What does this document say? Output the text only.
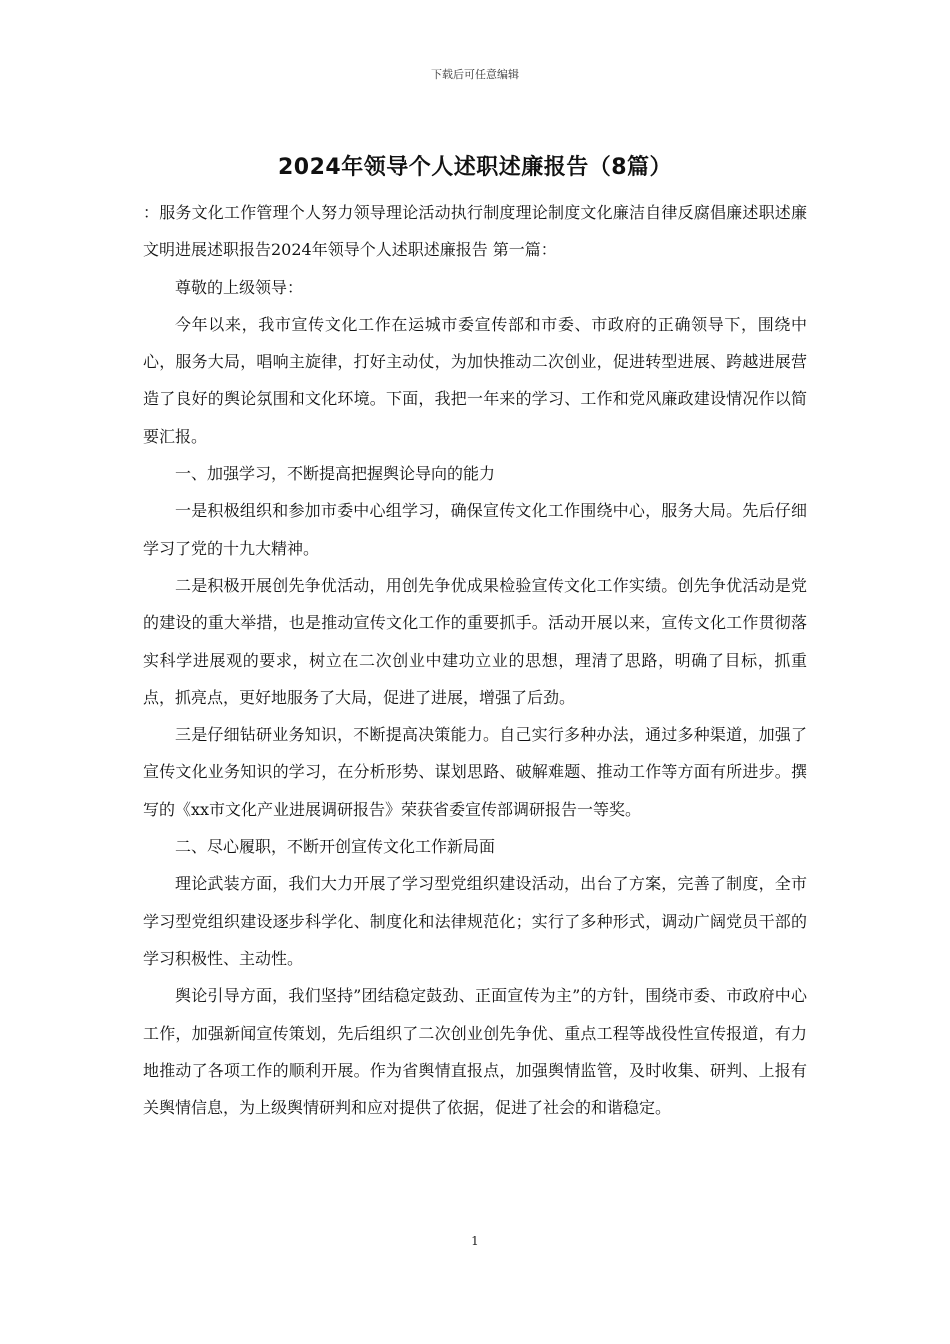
下载后可任意编辑
2024年领导个人述职述廉报告（8篇）

：服务文化工作管理个人努力领导理论活动执行制度理论制度文化廉洁自律反腐倡廉述职述廉文明进展述职报告2024年领导个人述职述廉报告 第一篇：

尊敬的上级领导：

今年以来，我市宣传文化工作在运城市委宣传部和市委、市政府的正确领导下，围绕中心，服务大局，唱响主旋律，打好主动仗，为加快推动二次创业，促进转型进展、跨越进展营造了良好的舆论氛围和文化环境。下面，我把一年来的学习、工作和党风廉政建设情况作以简要汇报。

一、加强学习，不断提高把握舆论导向的能力

一是积极组织和参加市委中心组学习，确保宣传文化工作围绕中心，服务大局。先后仔细学习了党的十九大精神。

二是积极开展创先争优活动，用创先争优成果检验宣传文化工作实绩。创先争优活动是党的建设的重大举措，也是推动宣传文化工作的重要抓手。活动开展以来，宣传文化工作贯彻落实科学进展观的要求，树立在二次创业中建功立业的思想，理清了思路，明确了目标，抓重点，抓亮点，更好地服务了大局，促进了进展，增强了后劲。

三是仔细钻研业务知识，不断提高决策能力。自己实行多种办法，通过多种渠道，加强了宣传文化业务知识的学习，在分析形势、谋划思路、破解难题、推动工作等方面有所进步。撰写的《xx市文化产业进展调研报告》荣获省委宣传部调研报告一等奖。

二、尽心履职，不断开创宣传文化工作新局面

理论武装方面，我们大力开展了学习型党组织建设活动，出台了方案，完善了制度，全市学习型党组织建设逐步科学化、制度化和法律规范化；实行了多种形式，调动广阔党员干部的学习积极性、主动性。

舆论引导方面，我们坚持”团结稳定鼓劲、正面宣传为主”的方针，围绕市委、市政府中心工作，加强新闻宣传策划，先后组织了二次创业创先争优、重点工程等战役性宣传报道，有力地推动了各项工作的顺利开展。作为省舆情直报点，加强舆情监管，及时收集、研判、上报有关舆情信息，为上级舆情研判和应对提供了依据，促进了社会的和谐稳定。

1
